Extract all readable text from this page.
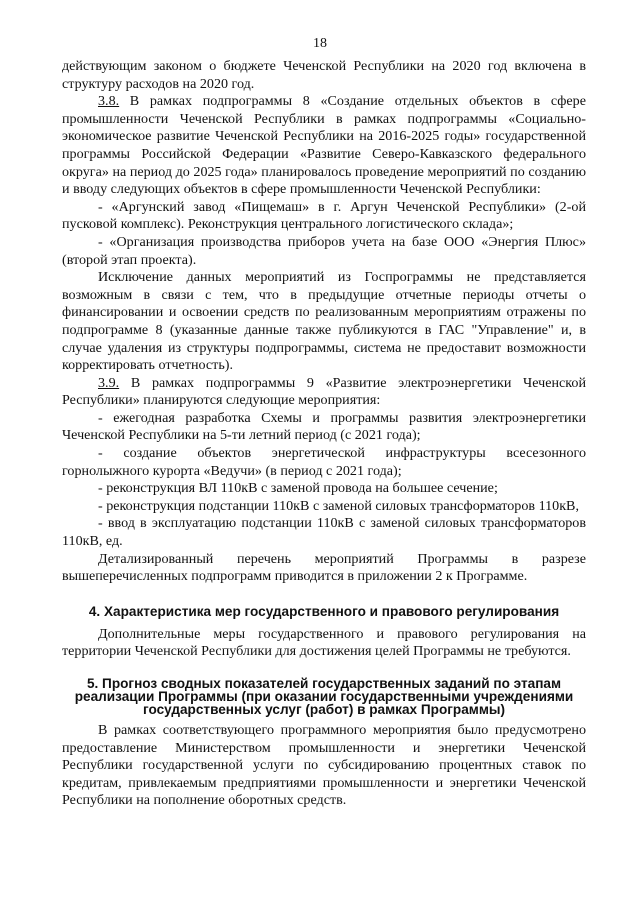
18

действующим законом о бюджете Чеченской Республики на 2020 год включена в структуру расходов на 2020 год.

3.8. В рамках подпрограммы 8 «Создание отдельных объектов в сфере промышленности Чеченской Республики в рамках подпрограммы «Социально-экономическое развитие Чеченской Республики на 2016-2025 годы» государственной программы Российской Федерации «Развитие Северо-Кавказского федерального округа» на период до 2025 года» планировалось проведение мероприятий по созданию и вводу следующих объектов в сфере промышленности Чеченской Республики:

- «Аргунский завод «Пищемаш» в г. Аргун Чеченской Республики» (2-ой пусковой комплекс). Реконструкция центрального логистического склада»;

- «Организация производства приборов учета на базе ООО «Энергия Плюс» (второй этап проекта).

Исключение данных мероприятий из Госпрограммы не представляется возможным в связи с тем, что в предыдущие отчетные периоды отчеты о финансировании и освоении средств по реализованным мероприятиям отражены по подпрограмме 8 (указанные данные также публикуются в ГАС "Управление" и, в случае удаления из структуры подпрограммы, система не предоставит возможности корректировать отчетность).

3.9. В рамках подпрограммы 9 «Развитие электроэнергетики Чеченской Республики» планируются следующие мероприятия:

- ежегодная разработка Схемы и программы развития электроэнергетики Чеченской Республики на 5-ти летний период (с 2021 года);

- создание объектов энергетической инфраструктуры всесезонного горнолыжного курорта «Ведучи» (в период с 2021 года);

- реконструкция ВЛ 110кВ с заменой провода на большее сечение;

- реконструкция подстанции 110кВ с заменой силовых трансформаторов 110кВ,

- ввод в эксплуатацию подстанции 110кВ с заменой силовых трансформаторов 110кВ, ед.

Детализированный перечень мероприятий Программы в разрезе вышеперечисленных подпрограмм приводится в приложении 2 к Программе.

4. Характеристика мер государственного и правового регулирования

Дополнительные меры государственного и правового регулирования на территории Чеченской Республики для достижения целей Программы не требуются.

5. Прогноз сводных показателей государственных заданий по этапам реализации Программы (при оказании государственными учреждениями государственных услуг (работ) в рамках Программы)

В рамках соответствующего программного мероприятия было предусмотрено предоставление Министерством промышленности и энергетики Чеченской Республики государственной услуги по субсидированию процентных ставок по кредитам, привлекаемым предприятиями промышленности и энергетики Чеченской Республики на пополнение оборотных средств.
